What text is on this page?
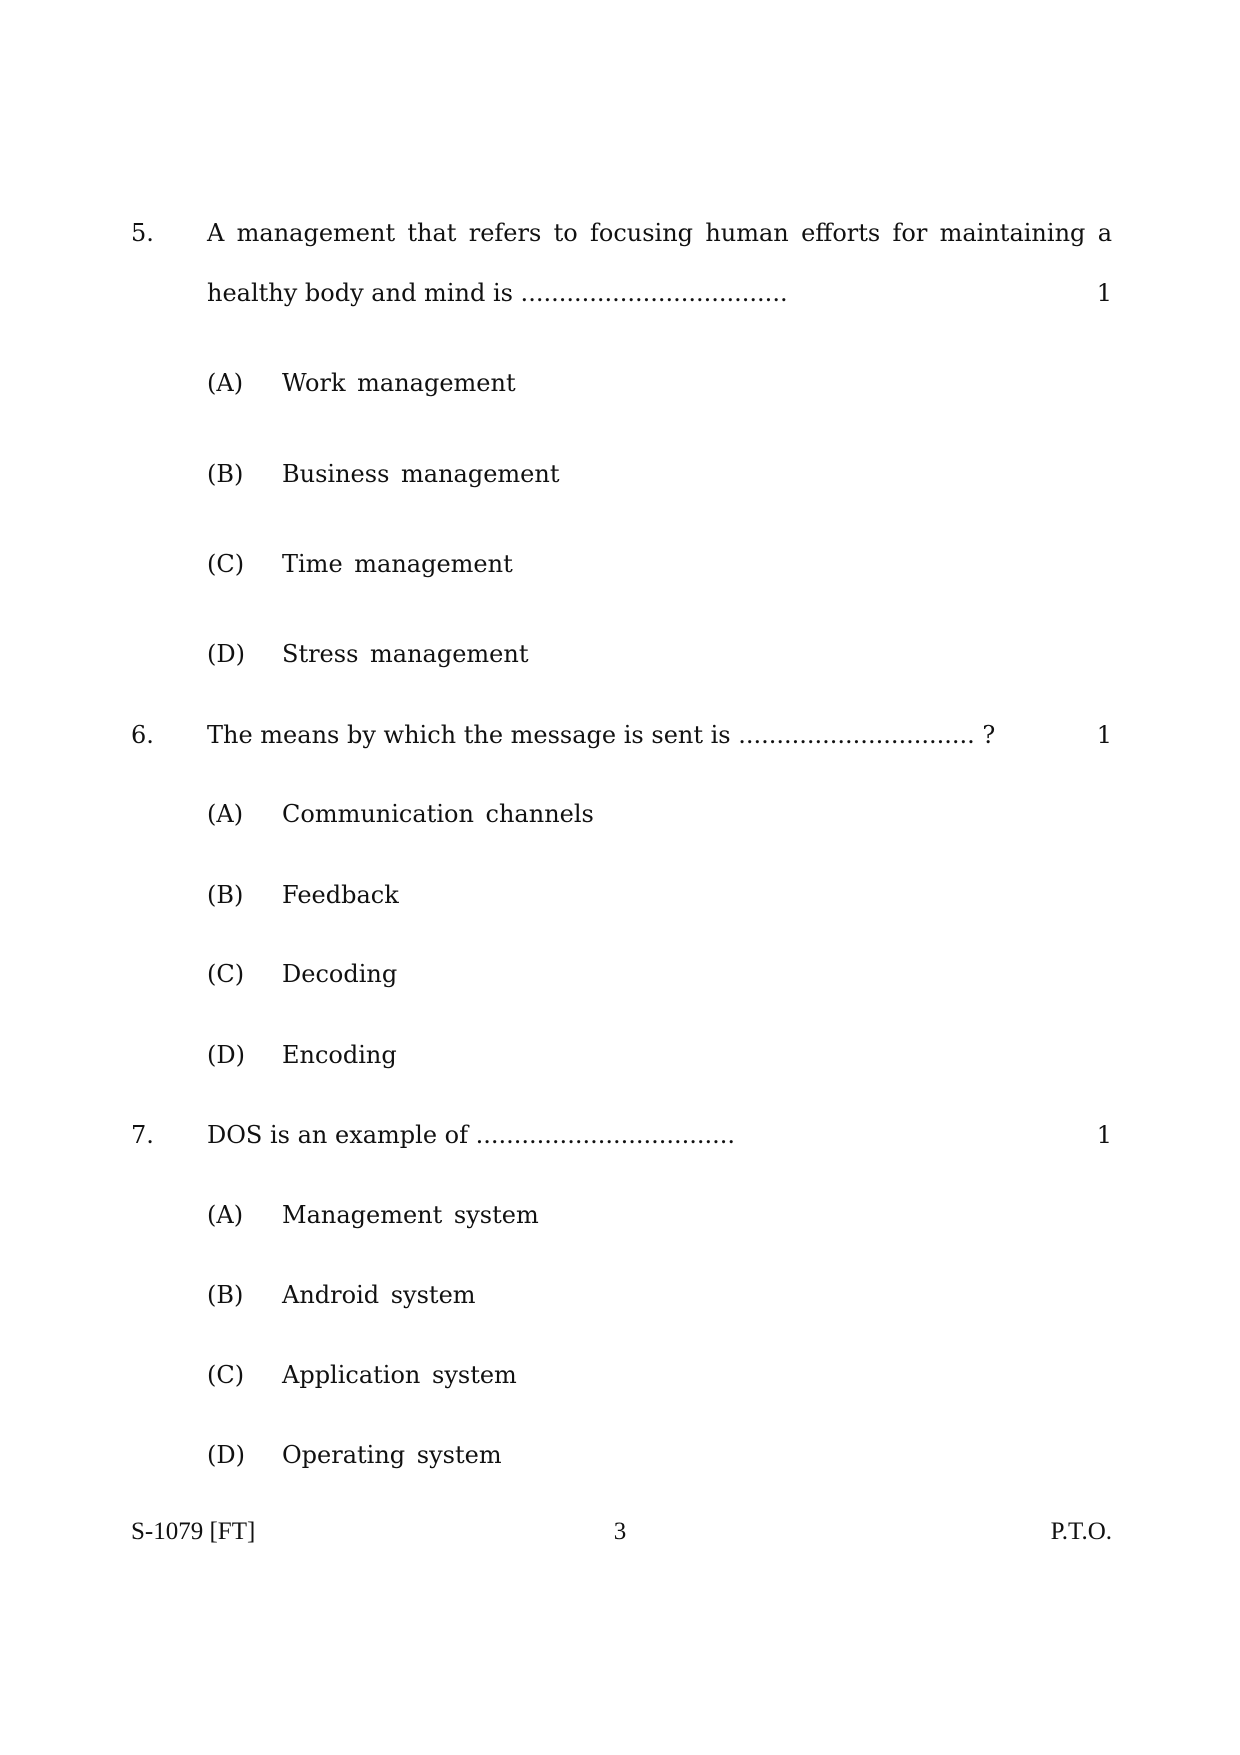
5. A management that refers to focusing human efforts for maintaining a
healthy body and mind is ...................................	1
(A) Work management
(B) Business management
(C) Time management
(D) Stress management
6. The means by which the message is sent is ............................... ?	1
(A) Communication channels
(B) Feedback
(C) Decoding
(D) Encoding
7. DOS is an example of ..................................	1
(A) Management system
(B) Android system
(C) Application system
(D) Operating system
S-1079 [FT]	3	P.T.O.
